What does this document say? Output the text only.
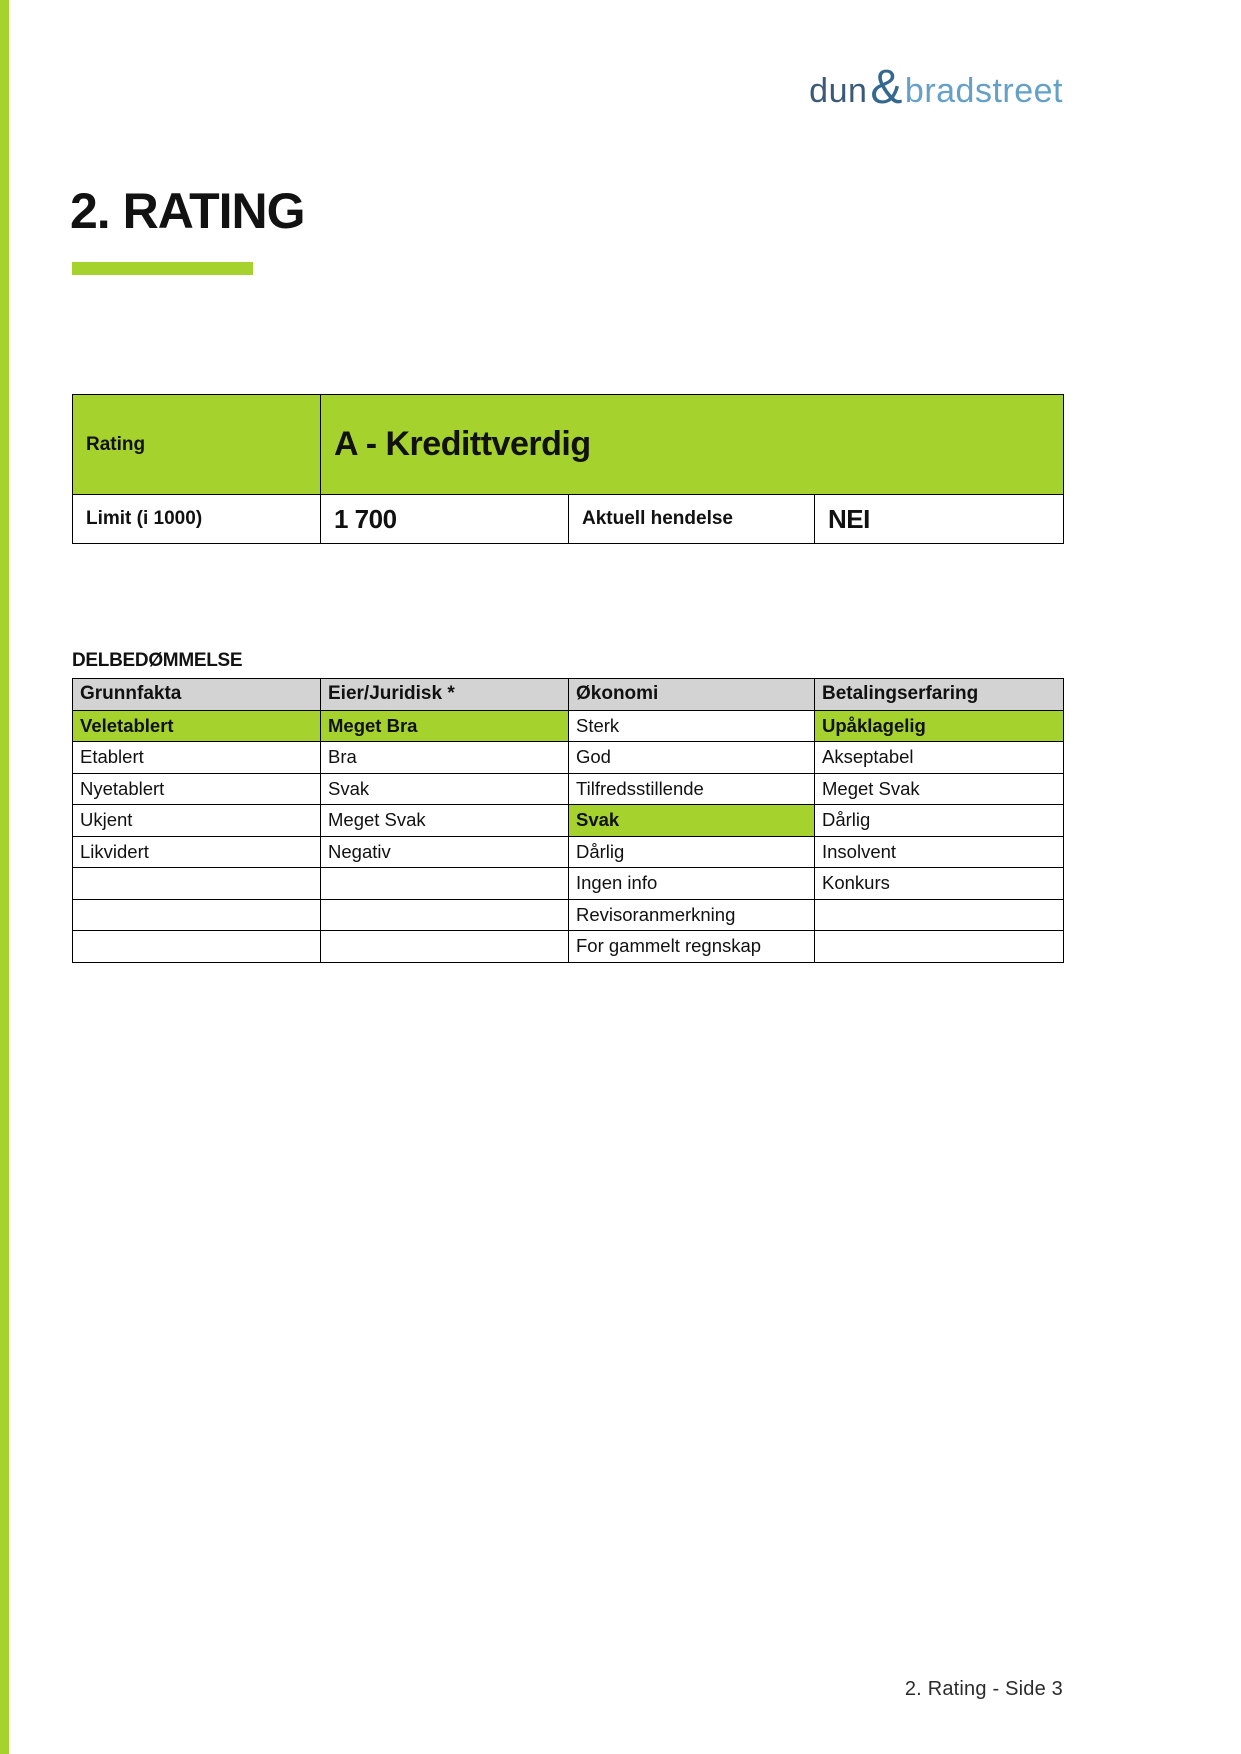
dun & bradstreet
2. RATING
Rating	A - Kredittverdig		
Limit (i 1000)	1 700	Aktuell hendelse	NEI
DELBEDØMMELSE
Grunnfakta	Eier/Juridisk *	Økonomi	Betalingserfaring
Veletablert	Meget Bra	Sterk	Upåklagelig
Etablert	Bra	God	Akseptabel
Nyetablert	Svak	Tilfredsstillende	Meget Svak
Ukjent	Meget Svak	Svak	Dårlig
Likvidert	Negativ	Dårlig	Insolvent
		Ingen info	Konkurs
		Revisoranmerkning	
		For gammelt regnskap	
2. Rating - Side 3
